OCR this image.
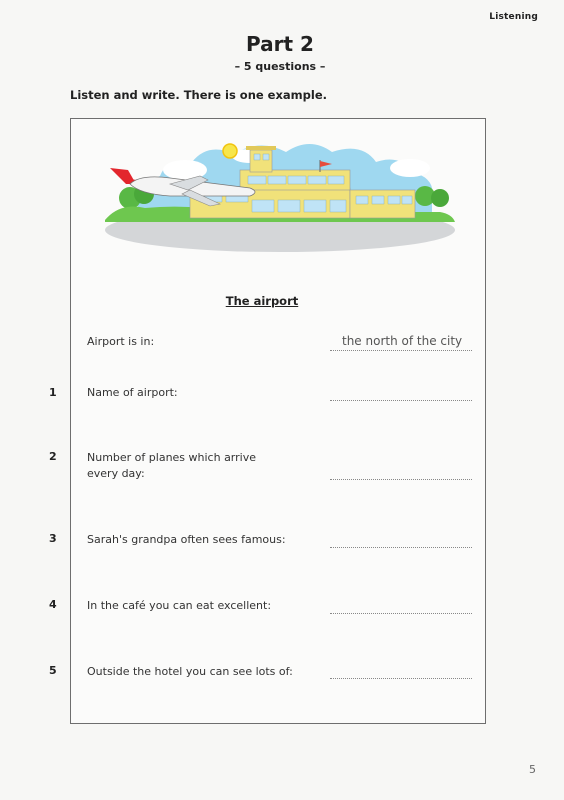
Listening
Part 2
– 5 questions –
Listen and write. There is one example.
The airport
Airport is in:	the north of the city
1	Name of airport:
2	Number of planes which arrive every day:
3	Sarah's grandpa often sees famous:
4	In the café you can eat excellent:
5	Outside the hotel you can see lots of:
5
